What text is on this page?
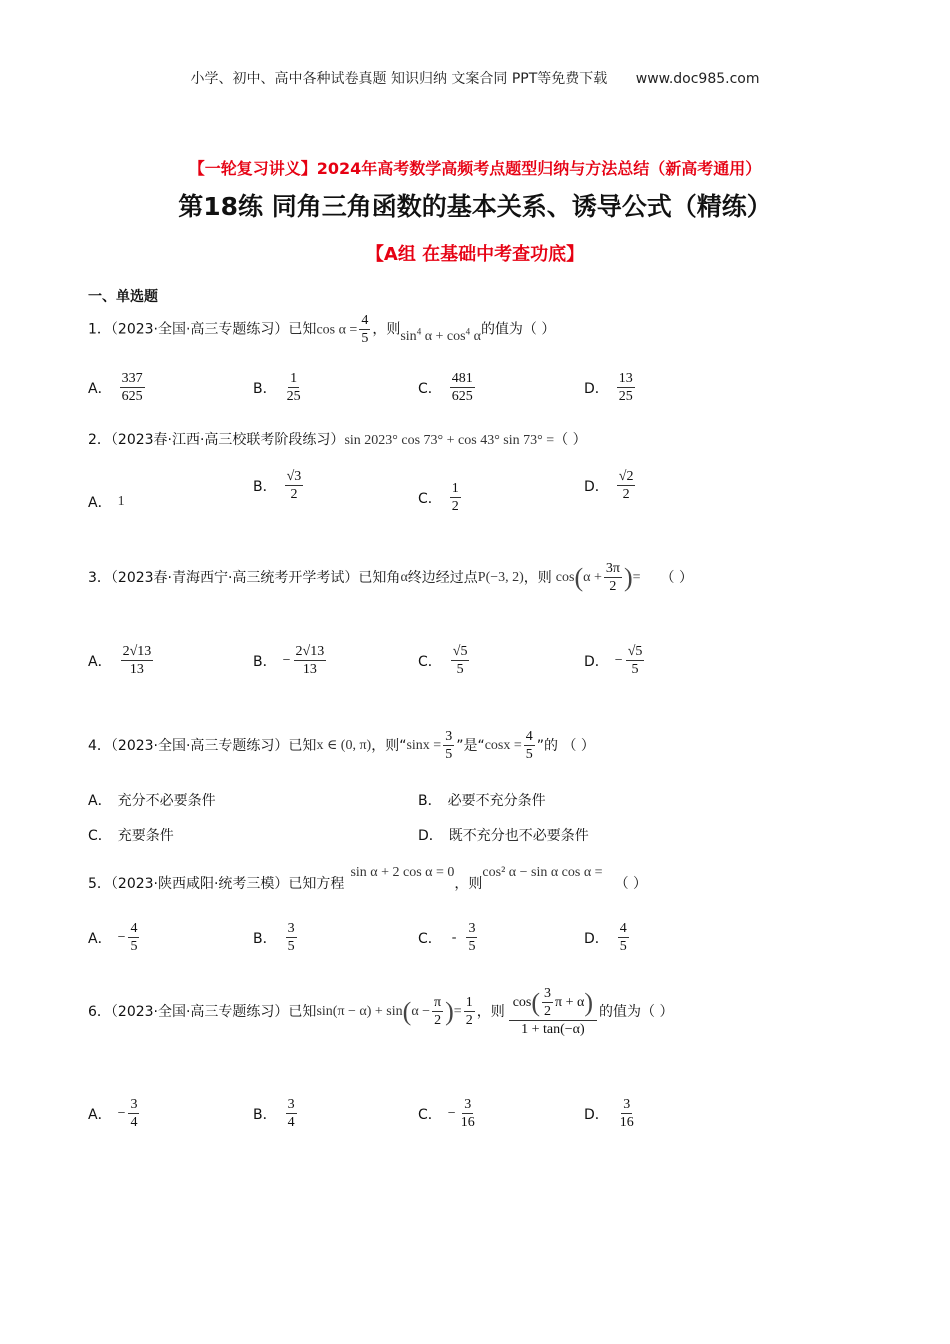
小学、初中、高中各种试卷真题 知识归纳 文案合同 PPT等免费下载 www.doc985.com
【一轮复习讲义】2024年高考数学高频考点题型归纳与方法总结（新高考通用）
第18练 同角三角函数的基本关系、诱导公式（精练）
【A组 在基础中考查功底】
一、单选题
1．（2023·全国·高三专题练习）已知$\cos \alpha = \frac{4}{5}$ ，则$\sin^4 \alpha + \cos^4 \alpha$的值为（ ）
A． $\frac{337}{625}$	B． $\frac{1}{25}$	C． $\frac{481}{625}$	D． $\frac{13}{25}$
2．（2023春·江西·高三校联考阶段练习）sin 2023° cos 73° + cos 43° sin 73° =（ ）
A． 1
B． $\frac{√3}{2}$	C． $\frac{1}{2}$	D． $\frac{√2}{2}$
3．（2023春·青海西宁·高三统考开学考试）已知角 α 终边经过点 P(−3, 2) ，则 cos ( $\alpha + \frac{3\pi}{2}$ ) = （ ）
A． $\frac{2√13}{13}$	B． − $\frac{2√13}{13}$	C． $\frac{√5}{5}$	D． − $\frac{√5}{5}$
4．（2023·全国·高三专题练习）已知 x ∈ (0, π) ，则“ $\sin x = \frac{3}{5}$ ”是“ $\cos x = \frac{4}{5}$ ”的 （ ）
A． 充分不必要条件	B． 必要不充分条件
C． 充要条件	D． 既不充分也不必要条件
5．（2023·陕西咸阳·统考三模）已知方程sin α + 2 cos α = 0，则cos² α − sin α cos α =（ ）
A． − $\frac{4}{5}$	B． $\frac{3}{5}$	C． - $\frac{3}{5}$	D． $\frac{4}{5}$
6．（2023·全国·高三专题练习）已知 sin(π − α) + sin ( $\alpha - \frac{\pi}{2}$ ) = $\frac{1}{2}$ ，则 $\frac{\cos ( \frac{3}{2} \pi + \alpha )}{1 + \tan(-\alpha)}$ 的值为（ ）
A． − $\frac{3}{4}$	B． $\frac{3}{4}$	C． − $\frac{3}{16}$	D． $\frac{3}{16}$
